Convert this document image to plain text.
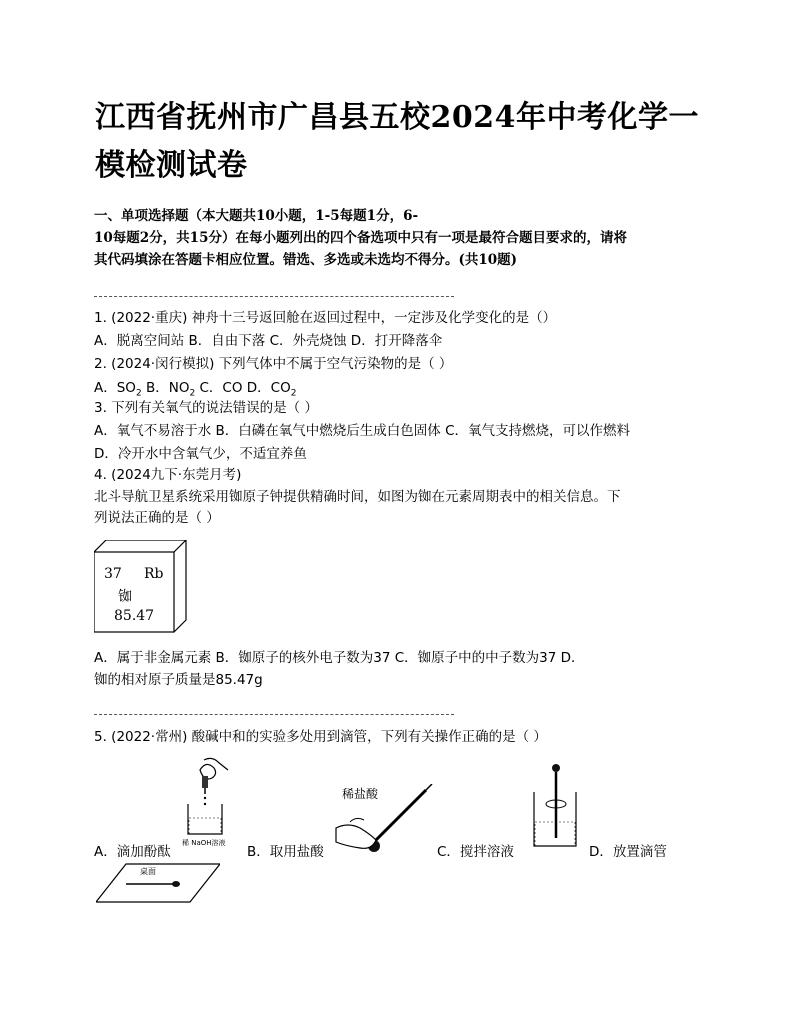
江西省抚州市广昌县五校2024年中考化学一
模检测试卷
一、单项选择题（本大题共10小题，1-5每题1分，6-
10每题2分，共15分）在每小题列出的四个备选项中只有一项是最符合题目要求的，请将
其代码填涂在答题卡相应位置。错选、多选或未选均不得分。(共10题)
1. (2022·重庆) 神舟十三号返回舱在返回过程中，一定涉及化学变化的是（）
A．脱离空间站 B．自由下落 C．外壳烧蚀 D．打开降落伞
2. (2024·闵行模拟) 下列气体中不属于空气污染物的是（ ）
A．$SO_2$ B．$NO_2$ C．CO D．$CO_2$
3. 下列有关氧气的说法错误的是（ ）
A．氧气不易溶于水 B．白磷在氧气中燃烧后生成白色固体 C．氧气支持燃烧，可以作燃料
D．冷开水中含氧气少，不适宜养鱼
4. (2024九下·东莞月考)
北斗导航卫星系统采用铷原子钟提供精确时间，如图为铷在元素周期表中的相关信息。下
列说法正确的是（ ）
37 Rb
铷
85.47
A．属于非金属元素 B．铷原子的核外电子数为37 C．铷原子中的中子数为37 D．
铷的相对原子质量是85.47g
5. (2022·常州) 酸碱中和的实验多处用到滴管，下列有关操作正确的是（ ）
稀 NaOH溶液
稀盐酸
桌面
A．滴加酚酞	B．取用盐酸	C．搅拌溶液	D．放置滴管
